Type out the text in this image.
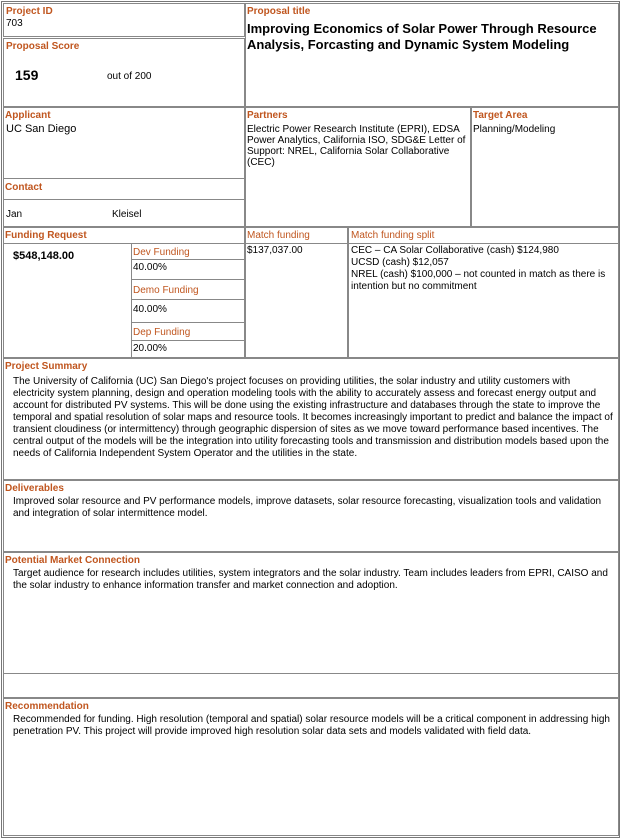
Project ID
703
Proposal Score
159	out of 200
Proposal title
Improving Economics of Solar Power Through Resource Analysis, Forcasting and Dynamic System Modeling
Applicant
UC San Diego
Contact
Jan	Kleisel
Partners
Electric Power Research Institute (EPRI), EDSA Power Analytics, California ISO, SDG&E Letter of Support: NREL, California Solar Collaborative (CEC)
Target Area
Planning/Modeling
Funding Request
$548,148.00	Dev Funding
40.00%
Demo Funding
40.00%
Dep Funding
20.00%
Match funding
$137,037.00
Match funding split
CEC – CA Solar Collaborative (cash) $124,980
UCSD (cash) $12,057
NREL (cash) $100,000 – not counted in match as there is intention but no commitment
Project Summary
The University of California (UC) San Diego's project focuses on providing utilities, the solar industry and utility customers with electricity system planning, design and operation modeling tools with the ability to accurately assess and forecast energy output and account for distributed PV systems. This will be done using the existing infrastructure and databases through the state to improve the temporal and spatial resolution of solar maps and resource tools. It becomes increasingly important to predict and balance the impact of transient cloudiness (or intermittency) through geographic dispersion of sites as we move toward performance based incentives. The central output of the models will be the integration into utility forecasting tools and transmission and distribution models based upon the needs of California Independent System Operator and the utilities in the state.
Deliverables
Improved solar resource and PV performance models, improve datasets, solar resource forecasting, visualization tools and validation and integration of solar intermittence model.
Potential Market Connection
Target audience for research includes utilities, system integrators and the solar industry. Team includes leaders from EPRI, CAISO and the solar industry to enhance information transfer and market connection and adoption.
Recommendation
Recommended for funding. High resolution (temporal and spatial) solar resource models will be a critical component in addressing high penetration PV. This project will provide improved high resolution solar data sets and models validated with field data.
